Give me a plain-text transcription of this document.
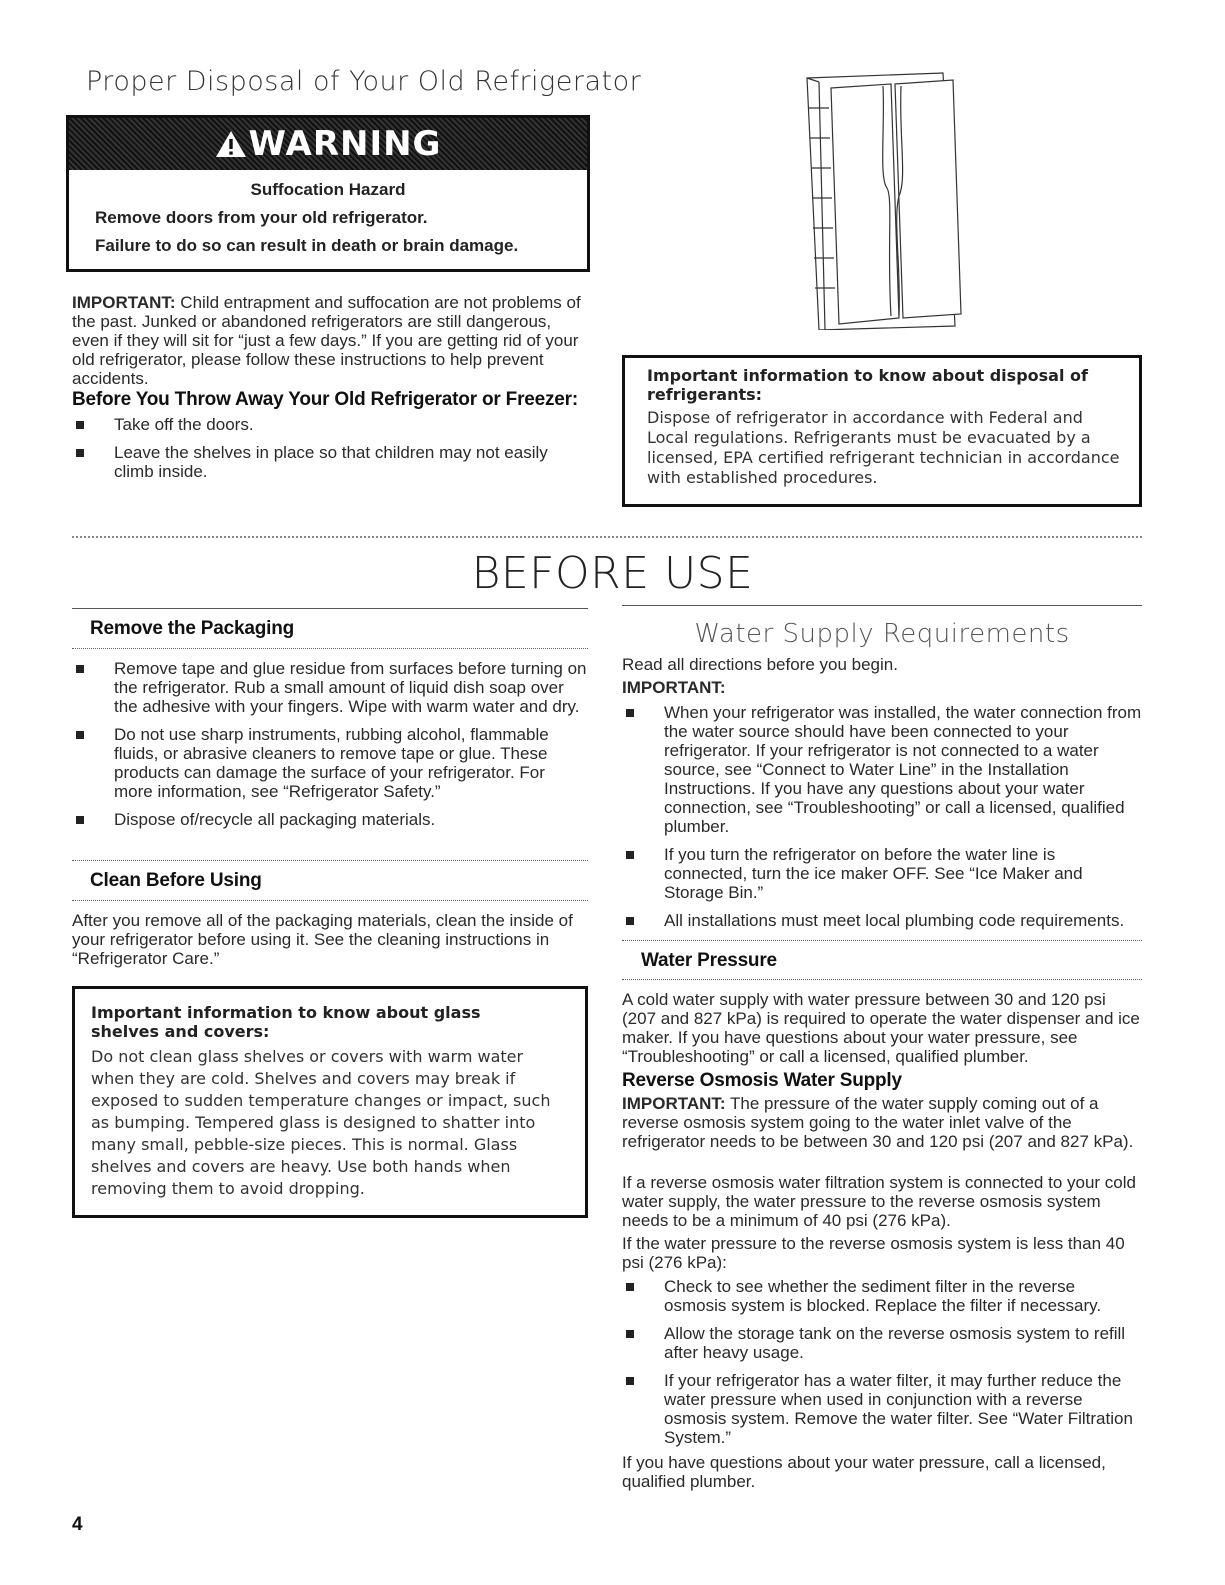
Proper Disposal of Your Old Refrigerator
WARNING
Suffocation Hazard
Remove doors from your old refrigerator.
Failure to do so can result in death or brain damage.
IMPORTANT: Child entrapment and suffocation are not problems of the past. Junked or abandoned refrigerators are still dangerous, even if they will sit for “just a few days.” If you are getting rid of your old refrigerator, please follow these instructions to help prevent accidents.
Before You Throw Away Your Old Refrigerator or Freezer:
Take off the doors.
Leave the shelves in place so that children may not easily climb inside.
Important information to know about disposal of refrigerants:
Dispose of refrigerator in accordance with Federal and Local regulations. Refrigerants must be evacuated by a licensed, EPA certified refrigerant technician in accordance with established procedures.
BEFORE USE
Remove the Packaging
Remove tape and glue residue from surfaces before turning on the refrigerator. Rub a small amount of liquid dish soap over the adhesive with your fingers. Wipe with warm water and dry.
Do not use sharp instruments, rubbing alcohol, flammable fluids, or abrasive cleaners to remove tape or glue. These products can damage the surface of your refrigerator. For more information, see “Refrigerator Safety.”
Dispose of/recycle all packaging materials.
Clean Before Using
After you remove all of the packaging materials, clean the inside of your refrigerator before using it. See the cleaning instructions in “Refrigerator Care.”
Important information to know about glass shelves and covers:
Do not clean glass shelves or covers with warm water when they are cold. Shelves and covers may break if exposed to sudden temperature changes or impact, such as bumping. Tempered glass is designed to shatter into many small, pebble-size pieces. This is normal. Glass shelves and covers are heavy. Use both hands when removing them to avoid dropping.
Water Supply Requirements
Read all directions before you begin.
IMPORTANT:
When your refrigerator was installed, the water connection from the water source should have been connected to your refrigerator. If your refrigerator is not connected to a water source, see “Connect to Water Line” in the Installation Instructions. If you have any questions about your water connection, see “Troubleshooting” or call a licensed, qualified plumber.
If you turn the refrigerator on before the water line is connected, turn the ice maker OFF. See “Ice Maker and Storage Bin.”
All installations must meet local plumbing code requirements.
Water Pressure
A cold water supply with water pressure between 30 and 120 psi (207 and 827 kPa) is required to operate the water dispenser and ice maker. If you have questions about your water pressure, see “Troubleshooting” or call a licensed, qualified plumber.
Reverse Osmosis Water Supply
IMPORTANT: The pressure of the water supply coming out of a reverse osmosis system going to the water inlet valve of the refrigerator needs to be between 30 and 120 psi (207 and 827 kPa).
If a reverse osmosis water filtration system is connected to your cold water supply, the water pressure to the reverse osmosis system needs to be a minimum of 40 psi (276 kPa).
If the water pressure to the reverse osmosis system is less than 40 psi (276 kPa):
Check to see whether the sediment filter in the reverse osmosis system is blocked. Replace the filter if necessary.
Allow the storage tank on the reverse osmosis system to refill after heavy usage.
If your refrigerator has a water filter, it may further reduce the water pressure when used in conjunction with a reverse osmosis system. Remove the water filter. See “Water Filtration System.”
If you have questions about your water pressure, call a licensed, qualified plumber.
4
